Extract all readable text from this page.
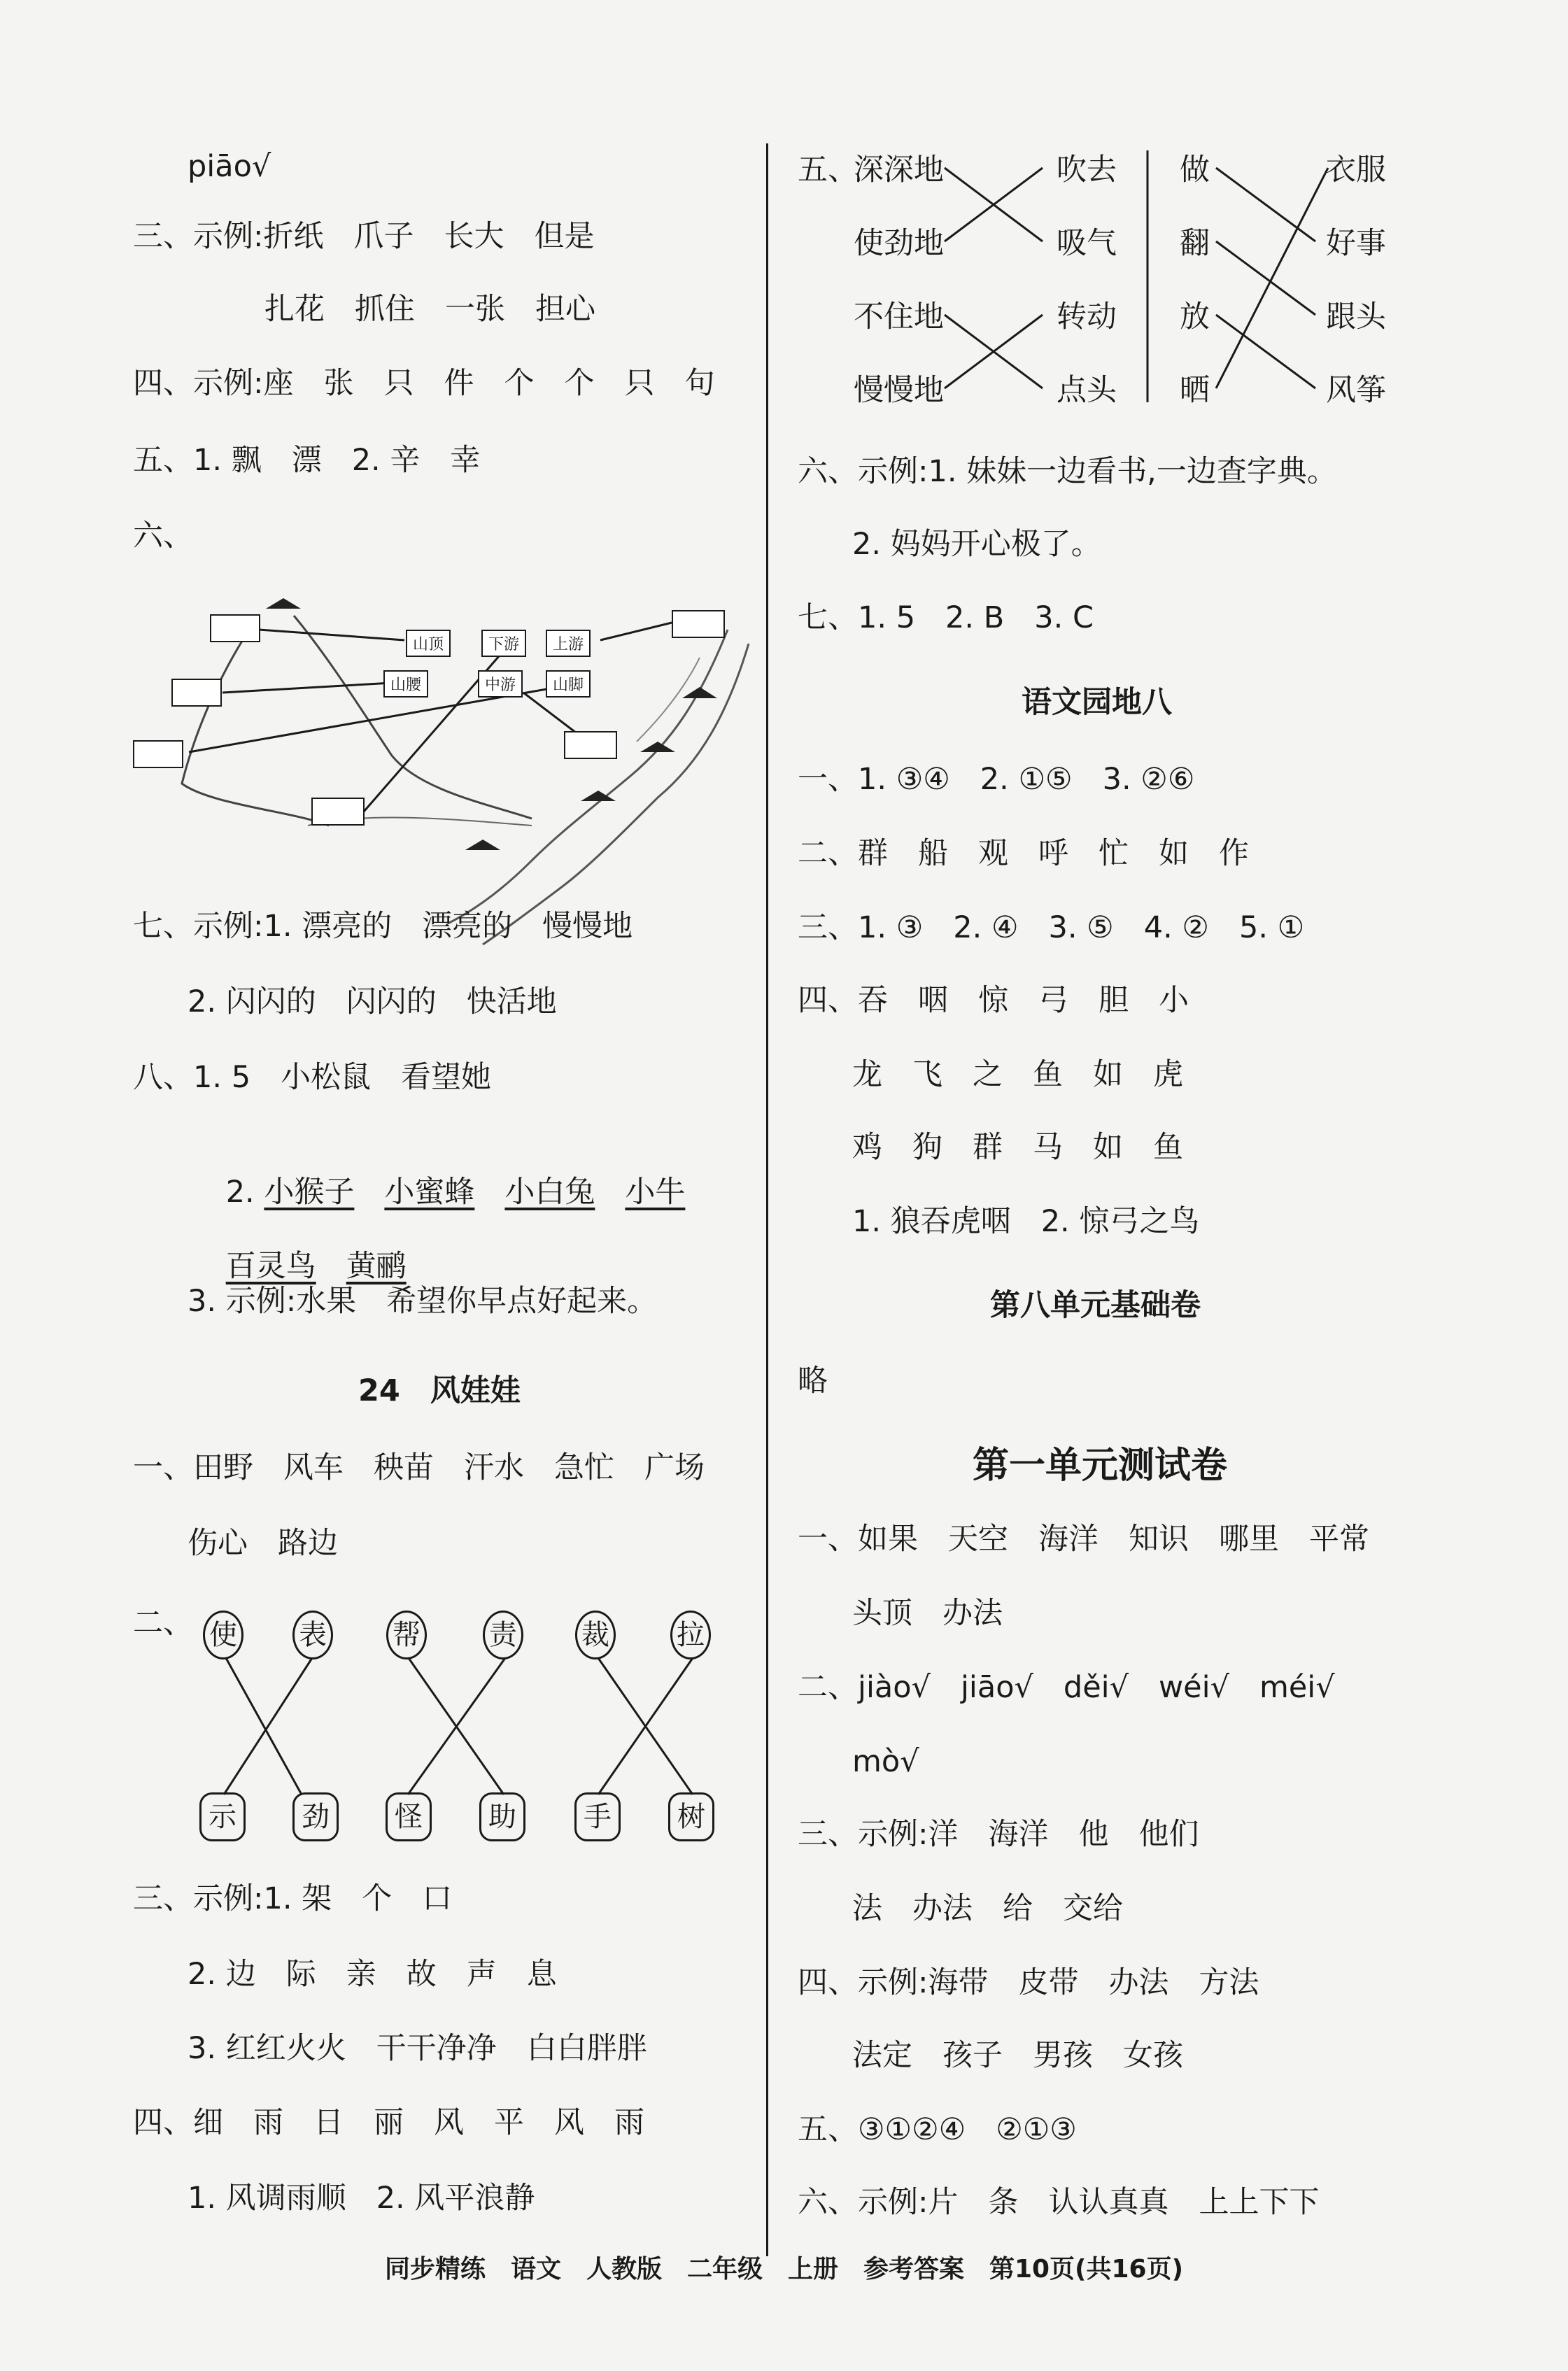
piāo√
三、示例:折纸　爪子　长大　但是
扎花　抓住　一张　担心
四、示例:座　张　只　件　个　个　只　句
五、1. 飘　漂　2. 辛　幸
六、
山顶	下游	上游
山腰	中游	山脚
七、示例:1. 漂亮的　漂亮的　慢慢地
2. 闪闪的　闪闪的　快活地
八、1. 5　小松鼠　看望她

2. 小猴子　 小蜜蜂　 小白兔　 小牛

百灵鸟　 黄鹂

3. 示例:水果　希望你早点好起来。
24　风娃娃
一、田野　风车　秧苗　汗水　急忙　广场
伤心　路边
二、 使 表 帮 责 裁 拉
示	劲	怪	助	手	树
三、示例:1. 架　个　口
2. 边　际　亲　故　声　息
3. 红红火火　干干净净　白白胖胖
四、细　雨　日　丽　风　平　风　雨
1. 风调雨顺　2. 风平浪静
五、
深深地
使劲地
不住地
慢慢地
吹去
吸气
转动
点头
做
翻
放
晒
衣服
好事
跟头
风筝
六、示例:1. 妹妹一边看书,一边查字典。
2. 妈妈开心极了。
七、1. 5　2. B　3. C
语文园地八
一、1. ③④　2. ①⑤　3. ②⑥
二、群　船　观　呼　忙　如　作
三、1. ③　2. ④　3. ⑤　4. ②　5. ①
四、吞　咽　惊　弓　胆　小
龙　飞　之　鱼　如　虎
鸡　狗　群　马　如　鱼
1. 狼吞虎咽　2. 惊弓之鸟
第八单元基础卷
略
第一单元测试卷
一、如果　天空　海洋　知识　哪里　平常
头顶　办法
二、jiào√　jiāo√　děi√　wéi√　méi√
mò√
三、示例:洋　海洋　他　他们
法　办法　给　交给
四、示例:海带　皮带　办法　方法
法定　孩子　男孩　女孩
五、③①②④　②①③
六、示例:片　条　认认真真　上上下下
同步精练　语文　人教版　二年级　上册　参考答案　第10页(共16页)
